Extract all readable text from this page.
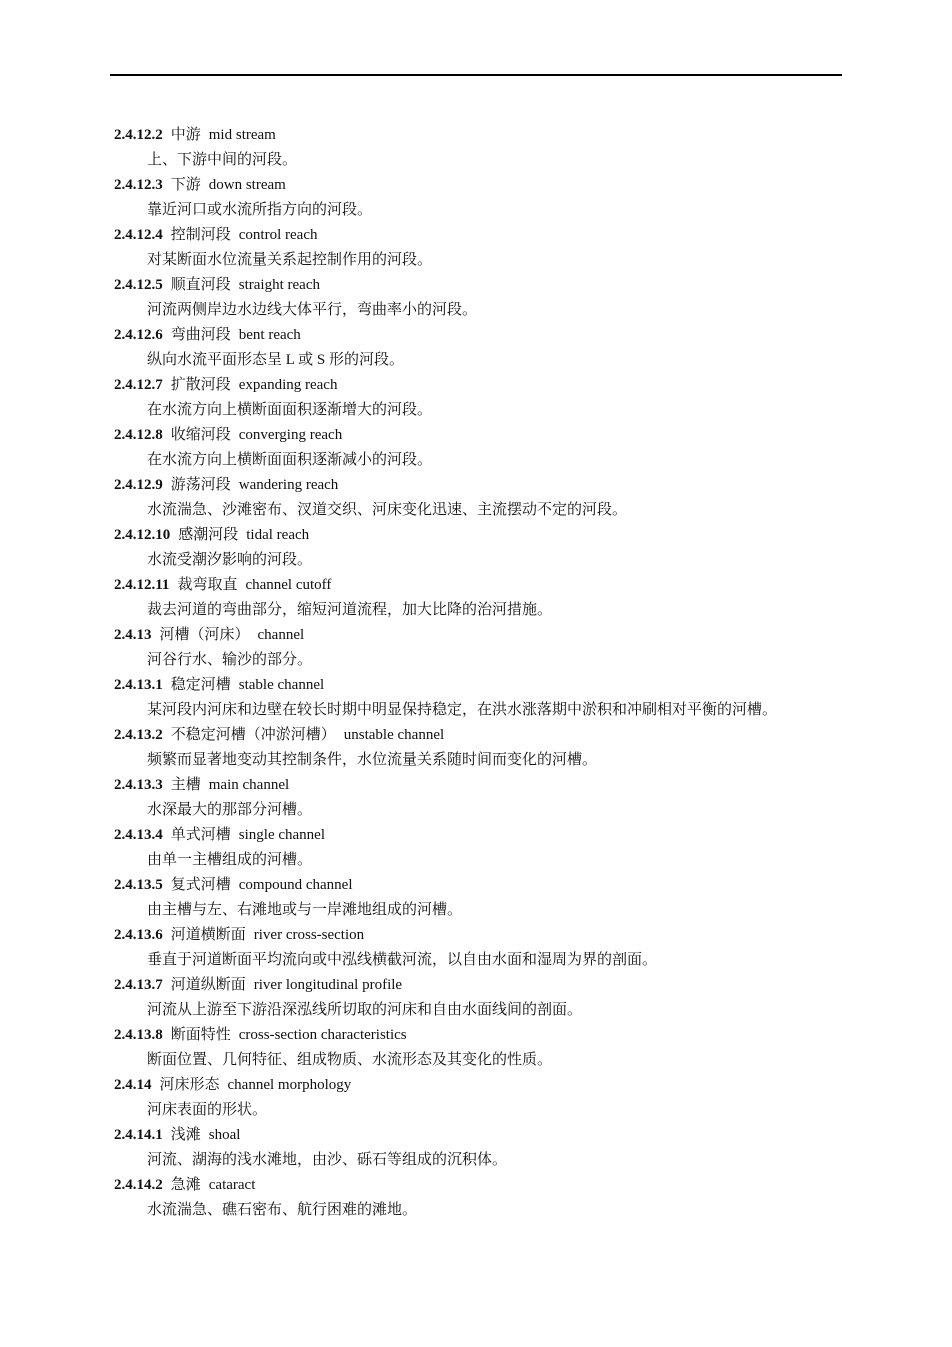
2.4.12.2 中游 mid stream
上、下游中间的河段。
2.4.12.3 下游 down stream
靠近河口或水流所指方向的河段。
2.4.12.4 控制河段 control reach
对某断面水位流量关系起控制作用的河段。
2.4.12.5 顺直河段 straight reach
河流两侧岸边水边线大体平行，弯曲率小的河段。
2.4.12.6 弯曲河段 bent reach
纵向水流平面形态呈 L 或 S 形的河段。
2.4.12.7 扩散河段 expanding reach
在水流方向上横断面面积逐渐增大的河段。
2.4.12.8 收缩河段 converging reach
在水流方向上横断面面积逐渐减小的河段。
2.4.12.9 游荡河段 wandering reach
水流湍急、沙滩密布、汊道交织、河床变化迅速、主流摆动不定的河段。
2.4.12.10 感潮河段 tidal reach
水流受潮汐影响的河段。
2.4.12.11 裁弯取直 channel cutoff
裁去河道的弯曲部分，缩短河道流程，加大比降的治河措施。
2.4.13 河槽（河床） channel
河谷行水、输沙的部分。
2.4.13.1 稳定河槽 stable channel
某河段内河床和边壁在较长时期中明显保持稳定，在洪水涨落期中淤积和冲刷相对平衡的河槽。
2.4.13.2 不稳定河槽（冲淤河槽） unstable channel
频繁而显著地变动其控制条件，水位流量关系随时间而变化的河槽。
2.4.13.3 主槽 main channel
水深最大的那部分河槽。
2.4.13.4 单式河槽 single channel
由单一主槽组成的河槽。
2.4.13.5 复式河槽 compound channel
由主槽与左、右滩地或与一岸滩地组成的河槽。
2.4.13.6 河道横断面 river cross-section
垂直于河道断面平均流向或中泓线横截河流，以自由水面和湿周为界的剖面。
2.4.13.7 河道纵断面 river longitudinal profile
河流从上游至下游沿深泓线所切取的河床和自由水面线间的剖面。
2.4.13.8 断面特性 cross-section characteristics
断面位置、几何特征、组成物质、水流形态及其变化的性质。
2.4.14 河床形态 channel morphology
河床表面的形状。
2.4.14.1 浅滩 shoal
河流、湖海的浅水滩地，由沙、砾石等组成的沉积体。
2.4.14.2 急滩 cataract
水流湍急、礁石密布、航行困难的滩地。
